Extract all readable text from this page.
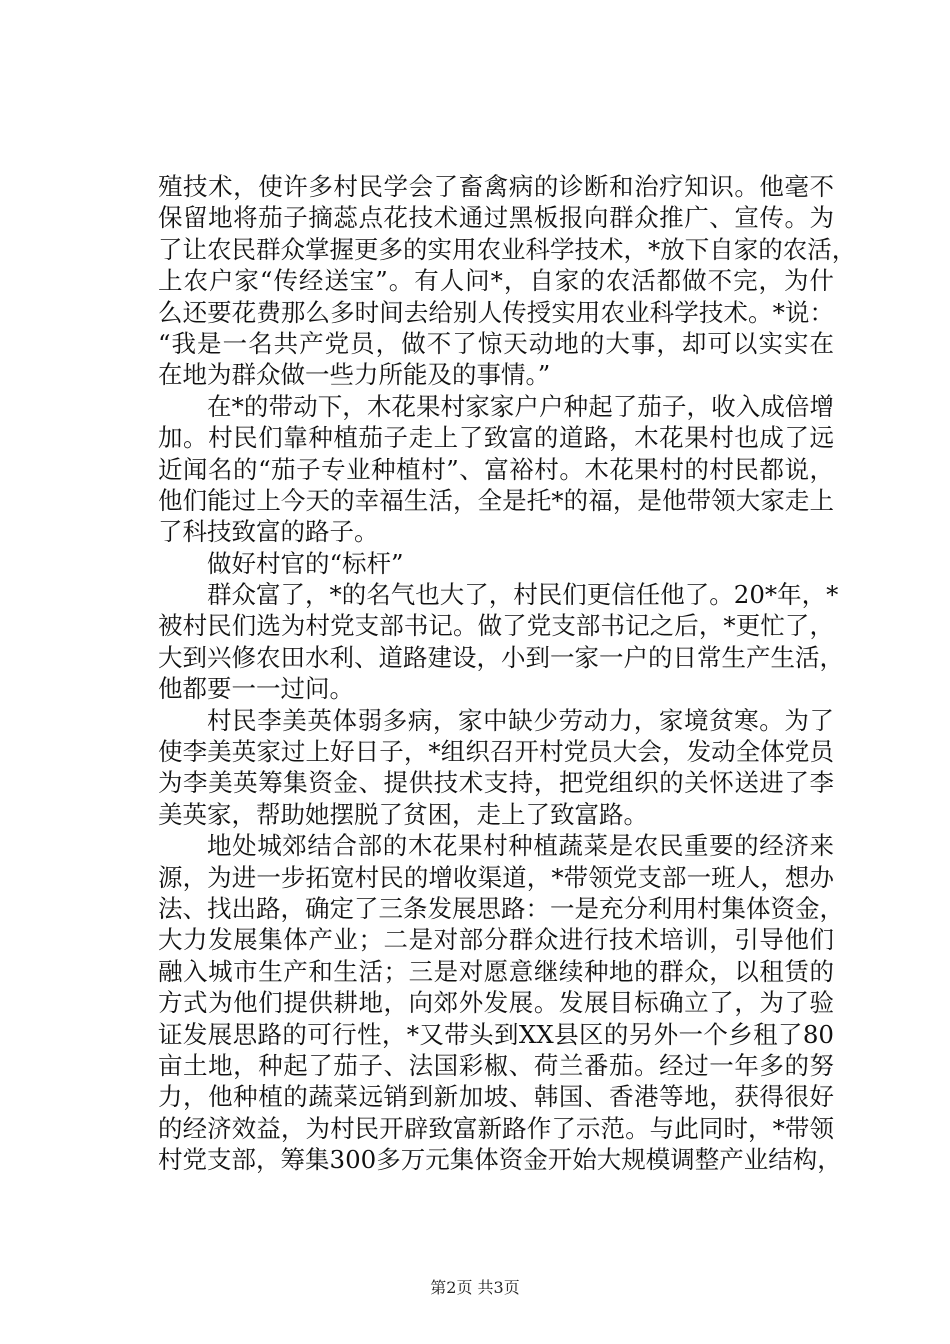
殖技术，使许多村民学会了畜禽病的诊断和治疗知识。他毫不
保留地将茄子摘蕊点花技术通过黑板报向群众推广、宣传。为
了让农民群众掌握更多的实用农业科学技术，*放下自家的农活，
上农户家“传经送宝”。有人问*，自家的农活都做不完，为什
么还要花费那么多时间去给别人传授实用农业科学技术。*说：
“我是一名共产党员，做不了惊天动地的大事，却可以实实在
在地为群众做一些力所能及的事情。”
在*的带动下，木花果村家家户户种起了茄子，收入成倍增
加。村民们靠种植茄子走上了致富的道路，木花果村也成了远
近闻名的“茄子专业种植村”、富裕村。木花果村的村民都说，
他们能过上今天的幸福生活，全是托*的福，是他带领大家走上
了科技致富的路子。
做好村官的“标杆”
群众富了，*的名气也大了，村民们更信任他了。20*年，*
被村民们选为村党支部书记。做了党支部书记之后，*更忙了，
大到兴修农田水利、道路建设，小到一家一户的日常生产生活，
他都要一一过问。
村民李美英体弱多病，家中缺少劳动力，家境贫寒。为了
使李美英家过上好日子，*组织召开村党员大会，发动全体党员
为李美英筹集资金、提供技术支持，把党组织的关怀送进了李
美英家，帮助她摆脱了贫困，走上了致富路。
地处城郊结合部的木花果村种植蔬菜是农民重要的经济来
源，为进一步拓宽村民的增收渠道，*带领党支部一班人，想办
法、找出路，确定了三条发展思路：一是充分利用村集体资金，
大力发展集体产业；二是对部分群众进行技术培训，引导他们
融入城市生产和生活；三是对愿意继续种地的群众，以租赁的
方式为他们提供耕地，向郊外发展。发展目标确立了，为了验
证发展思路的可行性，*又带头到XX县区的另外一个乡租了80
亩土地，种起了茄子、法国彩椒、荷兰番茄。经过一年多的努
力，他种植的蔬菜远销到新加坡、韩国、香港等地，获得很好
的经济效益，为村民开辟致富新路作了示范。与此同时，*带领
村党支部，筹集300多万元集体资金开始大规模调整产业结构，
第2页 共3页
